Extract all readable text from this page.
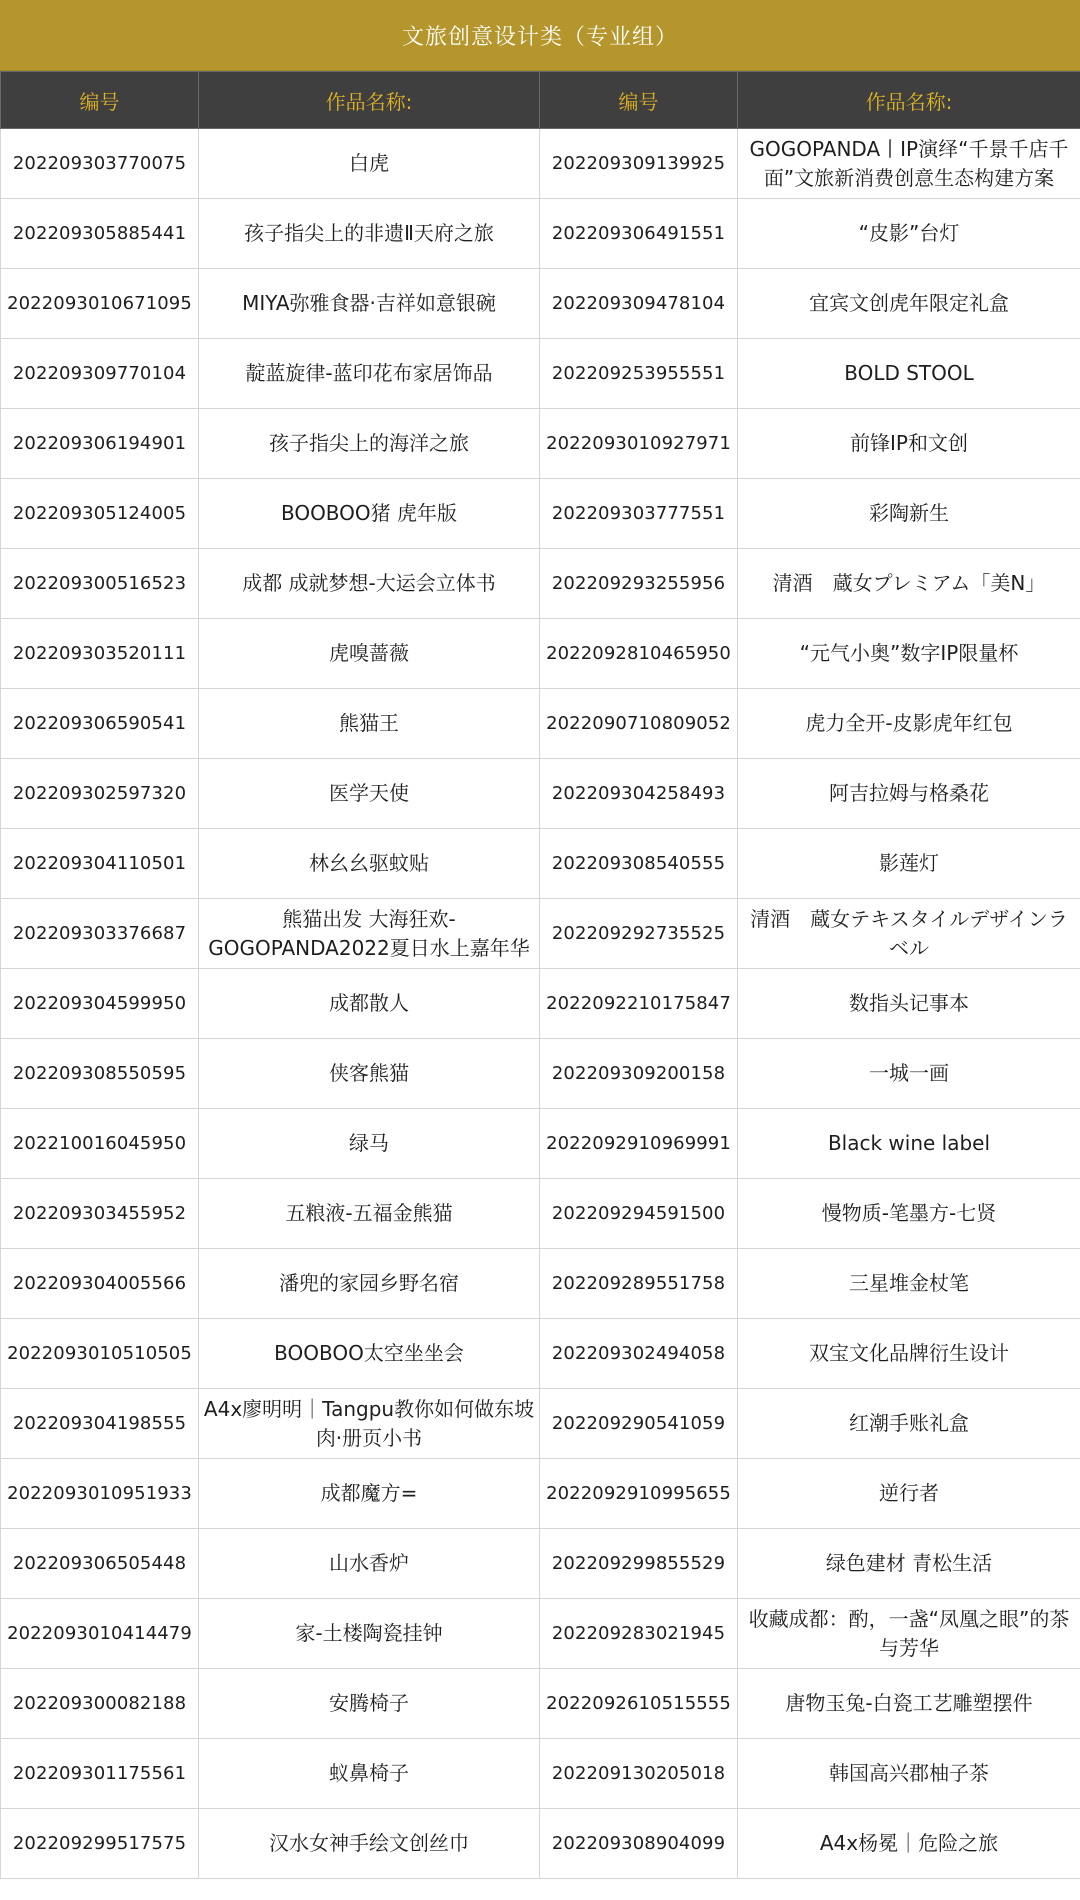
文旅创意设计类（专业组）
编号	作品名称:	编号	作品名称:
202209303770075	白虎	202209309139925	GOGOPANDA丨IP演绎“千景千店千面”文旅新消费创意生态构建方案
202209305885441	孩子指尖上的非遗Ⅱ天府之旅	202209306491551	“皮影”台灯
2022093010671095	MIYA弥雅食器·吉祥如意银碗	202209309478104	宜宾文创虎年限定礼盒
202209309770104	靛蓝旋律-蓝印花布家居饰品	202209253955551	BOLD STOOL
202209306194901	孩子指尖上的海洋之旅	2022093010927971	前锋IP和文创
202209305124005	BOOBOO猪 虎年版	202209303777551	彩陶新生
202209300516523	成都 成就梦想-大运会立体书	202209293255956	清酒　蔵女プレミアム「美N」
202209303520111	虎嗅蔷薇	2022092810465950	“元气小奥”数字IP限量杯
202209306590541	熊猫王	2022090710809052	虎力全开-皮影虎年红包
202209302597320	医学天使	202209304258493	阿吉拉姆与格桑花
202209304110501	林幺幺驱蚊贴	202209308540555	影莲灯
202209303376687	熊猫出发 大海狂欢-GOGOPANDA2022夏日水上嘉年华	202209292735525	清酒　蔵女テキスタイルデザインラベル
202209304599950	成都散人	2022092210175847	数指头记事本
202209308550595	侠客熊猫	202209309200158	一城一画
202210016045950	绿马	2022092910969991	Black wine label
202209303455952	五粮液-五福金熊猫	202209294591500	慢物质-笔墨方-七贤
202209304005566	潘兜的家园乡野名宿	202209289551758	三星堆金杖笔
2022093010510505	BOOBOO太空坐坐会	202209302494058	双宝文化品牌衍生设计
202209304198555	A4x廖明明｜Tangpu教你如何做东坡肉·册页小书	202209290541059	红潮手账礼盒
2022093010951933	成都魔方=	2022092910995655	逆行者
202209306505448	山水香炉	202209299855529	绿色建材 青松生活
2022093010414479	家-土楼陶瓷挂钟	202209283021945	收藏成都：酌，一盏“凤凰之眼”的茶与芳华
202209300082188	安腾椅子	2022092610515555	唐物玉兔-白瓷工艺雕塑摆件
202209301175561	蚁鼻椅子	202209130205018	韩国高兴郡柚子茶
202209299517575	汉水女神手绘文创丝巾	202209308904099	A4x杨冕｜危险之旅
